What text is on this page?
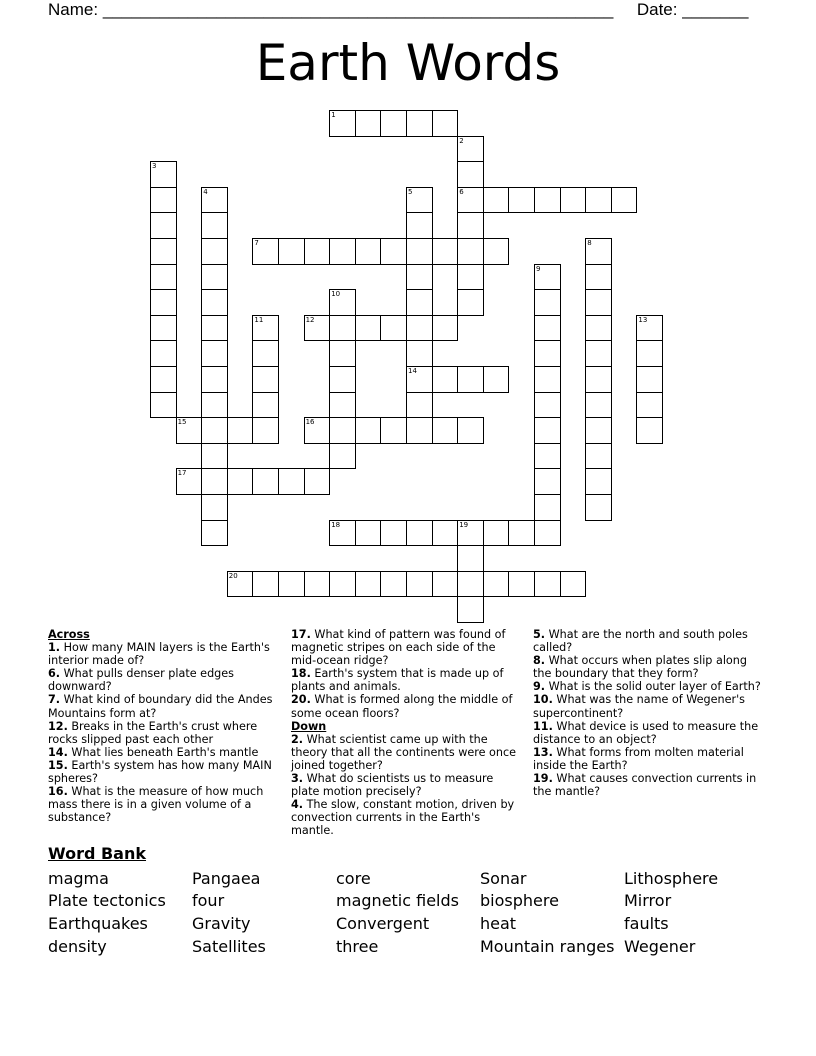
Name: ______________________________________________________ Date: _______
Earth Words
1
2
6
3
4	5
14
7	8
9
10
11	12	13
15	16
17
18	19
20
Across
1. How many MAIN layers is the Earth's interior made of?
6. What pulls denser plate edges downward?
7. What kind of boundary did the Andes Mountains form at?
12. Breaks in the Earth's crust where rocks slipped past each other
14. What lies beneath Earth's mantle
15. Earth's system has how many MAIN spheres?
16. What is the measure of how much mass there is in a given volume of a substance?
17. What kind of pattern was found of magnetic stripes on each side of the mid-ocean ridge?
18. Earth's system that is made up of plants and animals.
20. What is formed along the middle of some ocean floors?
Down
2. What scientist came up with the theory that all the continents were once joined together?
3. What do scientists us to measure plate motion precisely?
4. The slow, constant motion, driven by convection currents in the Earth's mantle.
5. What are the north and south poles called?
8. What occurs when plates slip along the boundary that they form?
9. What is the solid outer layer of Earth?
10. What was the name of Wegener's supercontinent?
11. What device is used to measure the distance to an object?
13. What forms from molten material inside the Earth?
19. What causes convection currents in the mantle?
Word Bank
magma
Plate tectonics
Earthquakes
density
Pangaea
four
Gravity
Satellites
core
magnetic fields
Convergent
three
Sonar
biosphere
heat
Mountain ranges
Lithosphere
Mirror
faults
Wegener
